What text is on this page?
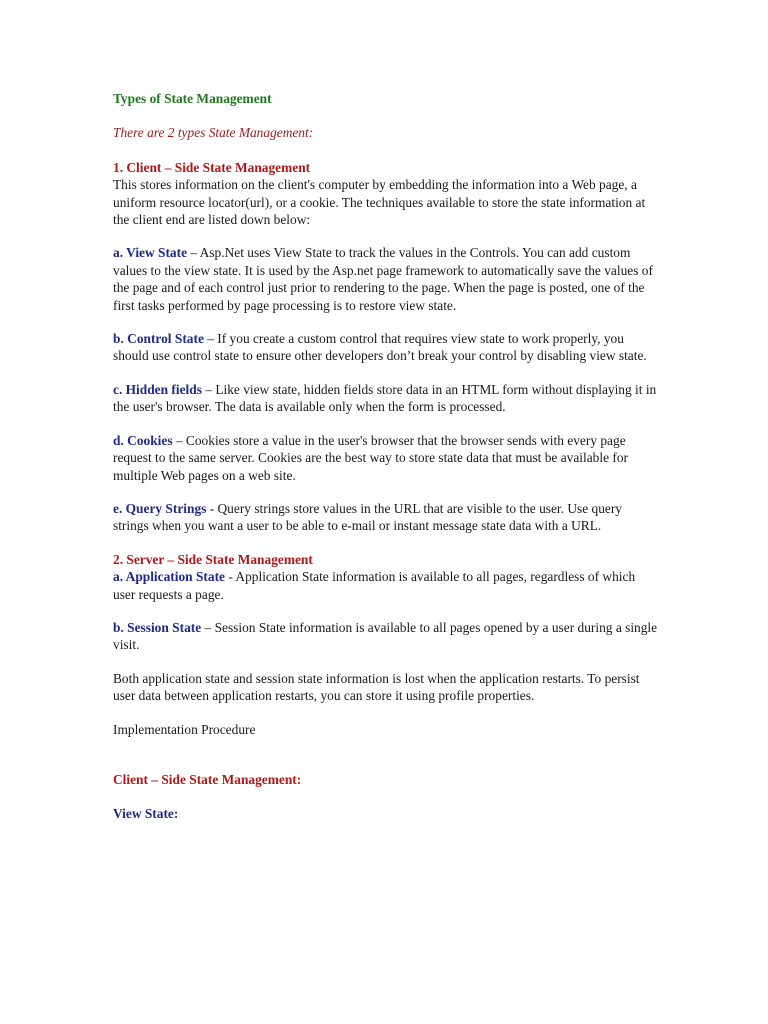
Types of State Management

There are 2 types State Management:

1. Client – Side State Management

This stores information on the client's computer by embedding the information into a Web page, a uniform resource locator(url), or a cookie. The techniques available to store the state information at the client end are listed down below:

a. View State – Asp.Net uses View State to track the values in the Controls. You can add custom values to the view state. It is used by the Asp.net page framework to automatically save the values of the page and of each control just prior to rendering to the page. When the page is posted, one of the first tasks performed by page processing is to restore view state.

b. Control State – If you create a custom control that requires view state to work properly, you should use control state to ensure other developers don’t break your control by disabling view state.

c. Hidden fields – Like view state, hidden fields store data in an HTML form without displaying it in the user's browser. The data is available only when the form is processed.

d. Cookies – Cookies store a value in the user's browser that the browser sends with every page request to the same server. Cookies are the best way to store state data that must be available for multiple Web pages on a web site.

e. Query Strings - Query strings store values in the URL that are visible to the user. Use query strings when you want a user to be able to e-mail or instant message state data with a URL.

2. Server – Side State Management

a. Application State - Application State information is available to all pages, regardless of which user requests a page.

b. Session State – Session State information is available to all pages opened by a user during a single visit.

Both application state and session state information is lost when the application restarts. To persist user data between application restarts, you can store it using profile properties.

Implementation Procedure

Client – Side State Management:

View State:
